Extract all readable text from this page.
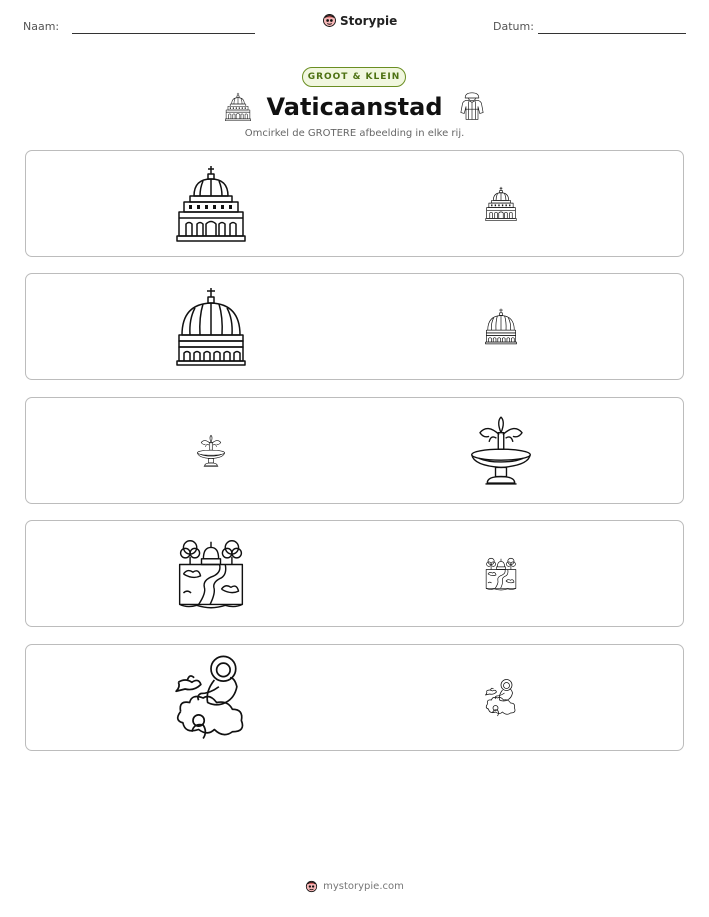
Naam:	Storypie	Datum:
GROOT & KLEIN
Vaticaanstad
Omcirkel de GROTERE afbeelding in elke rij.
mystorypie.com
